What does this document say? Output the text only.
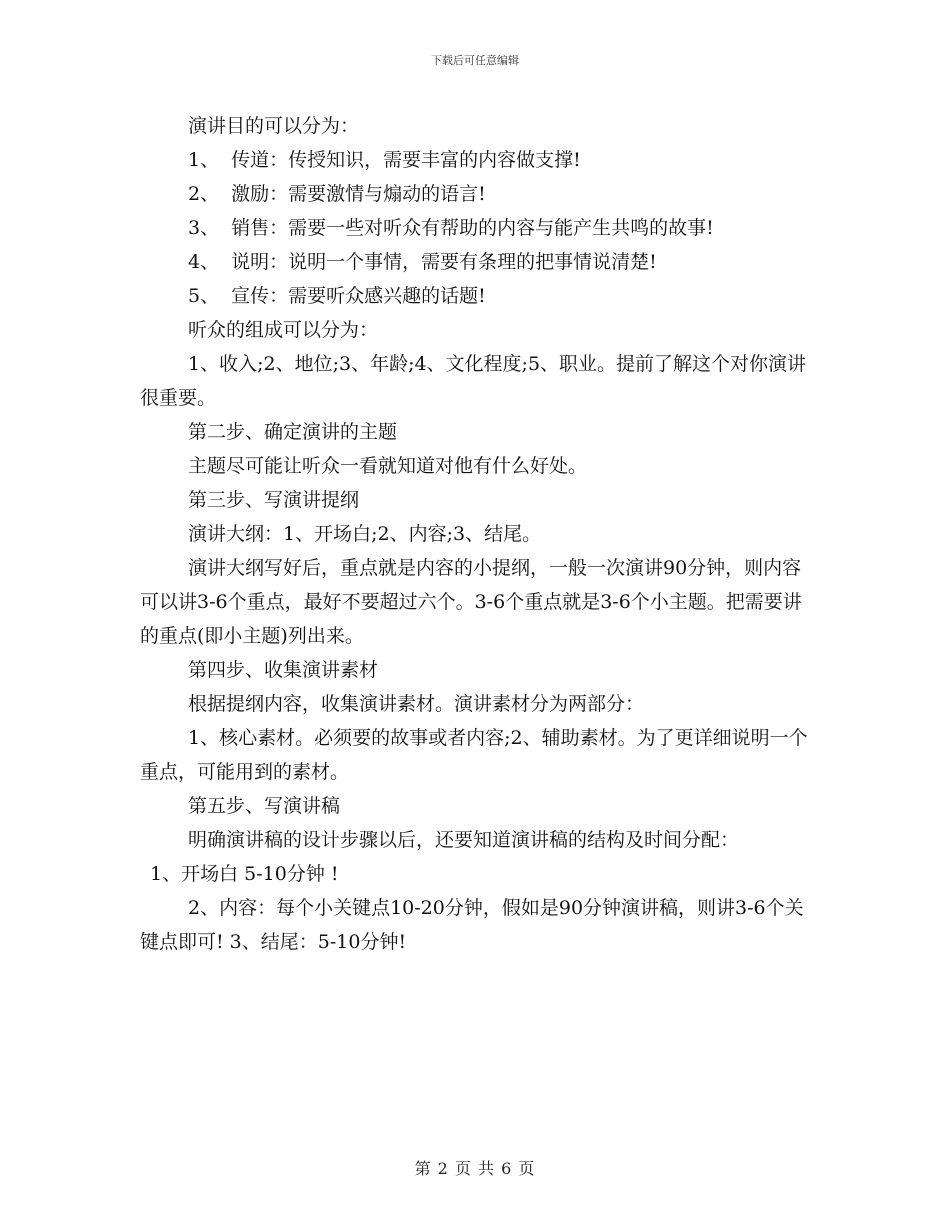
下载后可任意编辑

演讲目的可以分为：

1、  传道：传授知识，需要丰富的内容做支撑!

2、  激励：需要激情与煽动的语言!

3、  销售：需要一些对听众有帮助的内容与能产生共鸣的故事!

4、  说明：说明一个事情，需要有条理的把事情说清楚!

5、  宣传：需要听众感兴趣的话题!

听众的组成可以分为：

1、收入;2、地位;3、年龄;4、文化程度;5、职业。提前了解这个对你演讲很重要。

第二步、确定演讲的主题

主题尽可能让听众一看就知道对他有什么好处。

第三步、写演讲提纲

演讲大纲：1、开场白;2、内容;3、结尾。

演讲大纲写好后，重点就是内容的小提纲，一般一次演讲90分钟，则内容可以讲3-6个重点，最好不要超过六个。3-6个重点就是3-6个小主题。把需要讲的重点(即小主题)列出来。

第四步、收集演讲素材

根据提纲内容，收集演讲素材。演讲素材分为两部分：

1、核心素材。必须要的故事或者内容;2、辅助素材。为了更详细说明一个重点，可能用到的素材。

第五步、写演讲稿

明确演讲稿的设计步骤以后，还要知道演讲稿的结构及时间分配：

1、开场白 5-10分钟 !

2、内容：每个小关键点10-20分钟，假如是90分钟演讲稿，则讲3-6个关键点即可! 3、结尾：5-10分钟!

第 2 页 共 6 页
